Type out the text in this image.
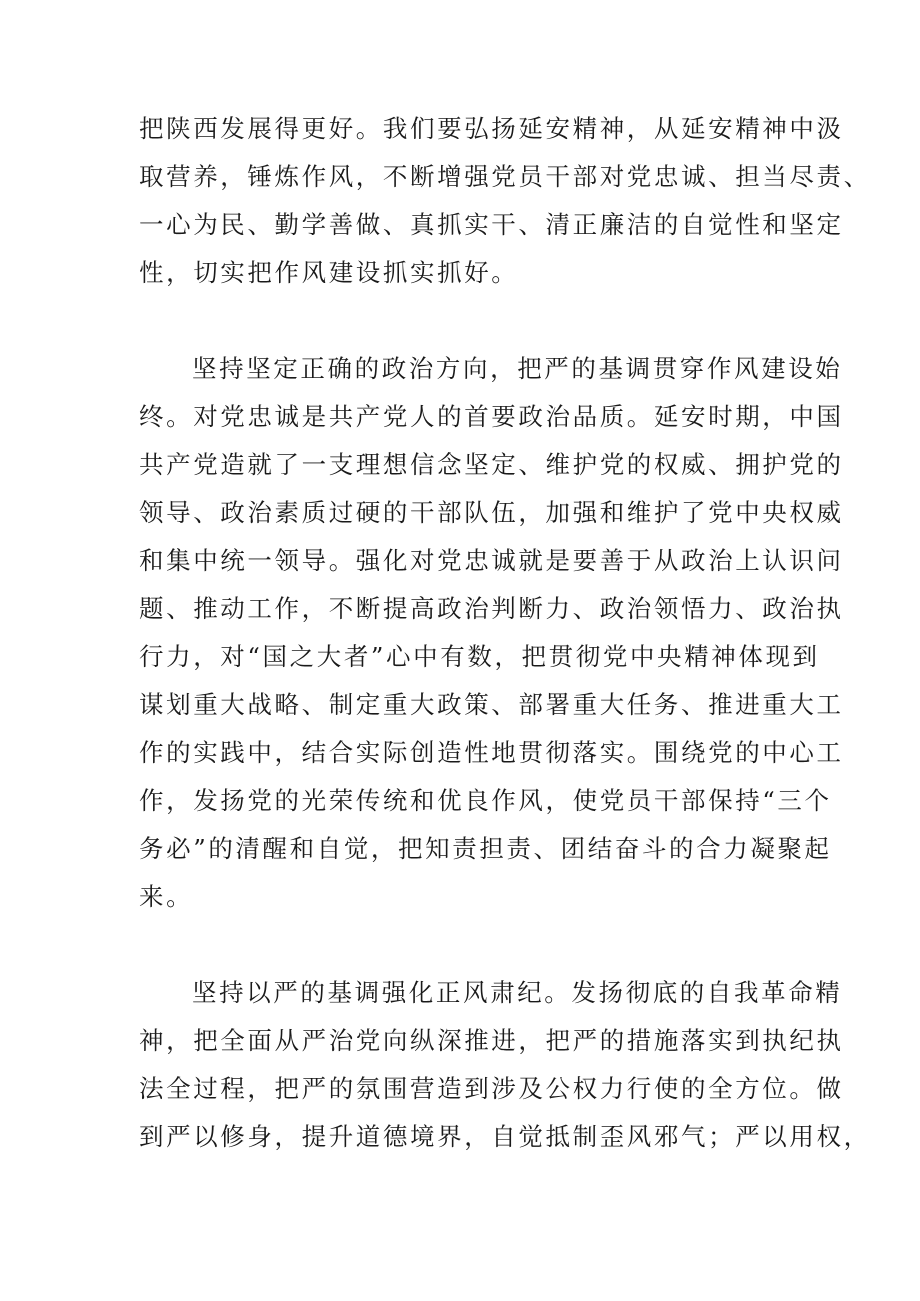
把陕西发展得更好。我们要弘扬延安精神，从延安精神中汲
取营养，锤炼作风，不断增强党员干部对党忠诚、担当尽责、
一心为民、勤学善做、真抓实干、清正廉洁的自觉性和坚定
性，切实把作风建设抓实抓好。
坚持坚定正确的政治方向，把严的基调贯穿作风建设始
终。对党忠诚是共产党人的首要政治品质。延安时期，中国
共产党造就了一支理想信念坚定、维护党的权威、拥护党的
领导、政治素质过硬的干部队伍，加强和维护了党中央权威
和集中统一领导。强化对党忠诚就是要善于从政治上认识问
题、推动工作，不断提高政治判断力、政治领悟力、政治执
行力，对“国之大者”心中有数，把贯彻党中央精神体现到
谋划重大战略、制定重大政策、部署重大任务、推进重大工
作的实践中，结合实际创造性地贯彻落实。围绕党的中心工
作，发扬党的光荣传统和优良作风，使党员干部保持“三个
务必”的清醒和自觉，把知责担责、团结奋斗的合力凝聚起
来。
坚持以严的基调强化正风肃纪。发扬彻底的自我革命精
神，把全面从严治党向纵深推进，把严的措施落实到执纪执
法全过程，把严的氛围营造到涉及公权力行使的全方位。做
到严以修身，提升道德境界，自觉抵制歪风邪气；严以用权，
